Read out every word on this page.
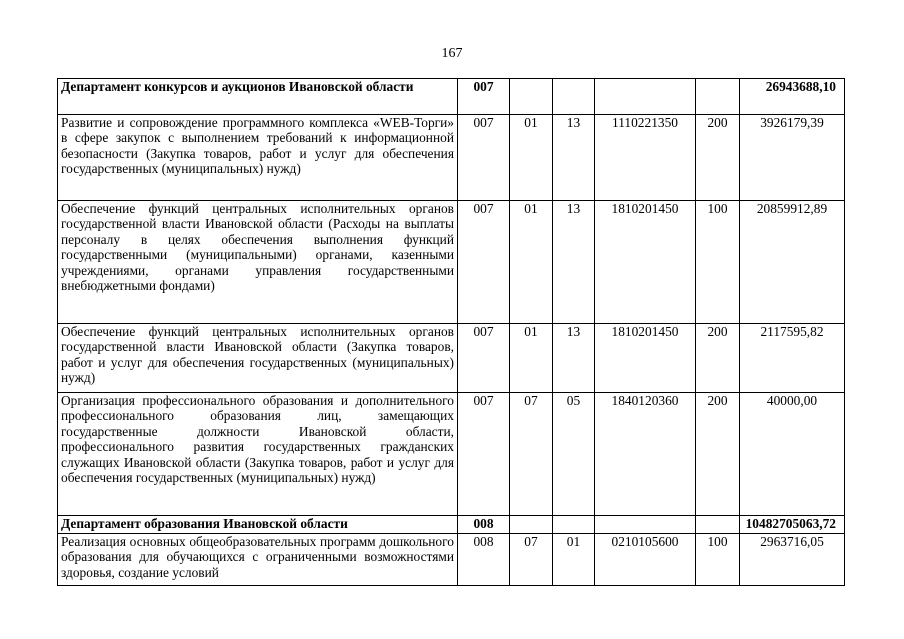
167
Департамент конкурсов и аукционов Ивановской области	007					26943688,10
Развитие и сопровождение программного комплекса «WEB-Торги» в сфере закупок с выполнением требований к информационной безопасности (Закупка товаров, работ и услуг для обеспечения государственных (муниципальных) нужд)	007	01	13	1110221350	200	3926179,39
Обеспечение функций центральных исполнительных органов государственной власти Ивановской области (Расходы на выплаты персоналу в целях обеспечения выполнения функций государственными (муниципальными) органами, казенными учреждениями, органами управления государственными внебюджетными фондами)	007	01	13	1810201450	100	20859912,89
Обеспечение функций центральных исполнительных органов государственной власти Ивановской области (Закупка товаров, работ и услуг для обеспечения государственных (муниципальных) нужд)	007	01	13	1810201450	200	2117595,82
Организация профессионального образования и дополнительного профессионального образования лиц, замещающих государственные должности Ивановской области, профессионального развития государственных гражданских служащих Ивановской области (Закупка товаров, работ и услуг для обеспечения государственных (муниципальных) нужд)	007	07	05	1840120360	200	40000,00
Департамент образования Ивановской области	008					10482705063,72
Реализация основных общеобразовательных программ дошкольного образования для обучающихся с ограниченными возможностями здоровья, создание условий	008	07	01	0210105600	100	2963716,05
